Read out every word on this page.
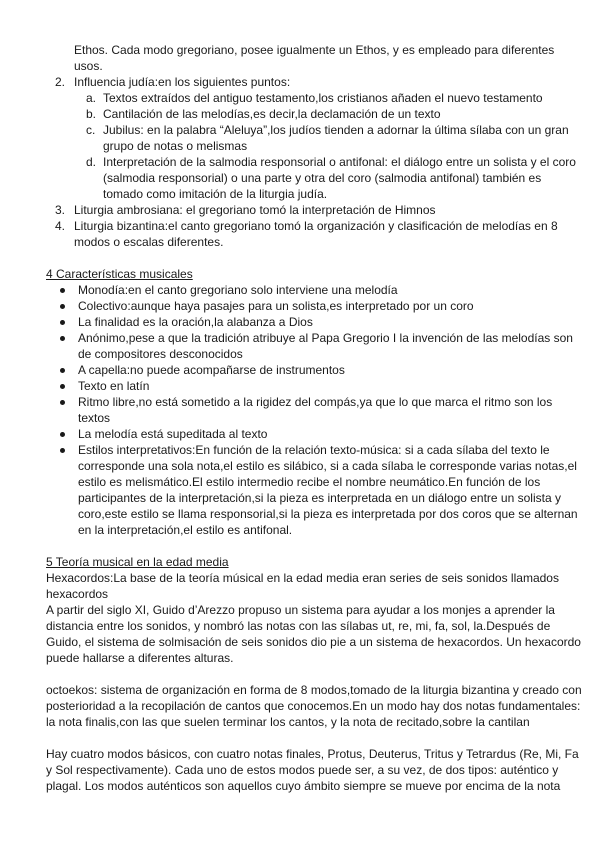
Ethos. Cada modo gregoriano, posee igualmente un Ethos, y es empleado para diferentes
usos.
2. Influencia judía:en los siguientes puntos:
a. Textos extraídos del antiguo testamento,los cristianos añaden el nuevo testamento
b. Cantilación de las melodías,es decir,la declamación de un texto
c. Jubilus: en la palabra “Aleluya”,los judíos tienden a adornar la última sílaba con un gran
grupo de notas o melismas
d. Interpretación de la salmodia responsorial o antifonal: el diálogo entre un solista y el coro
(salmodia responsorial) o una parte y otra del coro (salmodia antifonal) también es
tomado como imitación de la liturgia judía.
3. Liturgia ambrosiana: el gregoriano tomó la interpretación de Himnos
4. Liturgia bizantina:el canto gregoriano tomó la organización y clasificación de melodías en 8
modos o escalas diferentes.
4 Características musicales
Monodía:en el canto gregoriano solo interviene una melodía
Colectivo:aunque haya pasajes para un solista,es interpretado por un coro
La finalidad es la oración,la alabanza a Dios
Anónimo,pese a que la tradición atribuye al Papa Gregorio I la invención de las melodías son
de compositores desconocidos
A capella:no puede acompañarse de instrumentos
Texto en latín
Ritmo libre,no está sometido a la rigidez del compás,ya que lo que marca el ritmo son los
textos
La melodía está supeditada al texto
Estilos interpretativos:En función de la relación texto-música: si a cada sílaba del texto le
corresponde una sola nota,el estilo es silábico, si a cada sílaba le corresponde varias notas,el
estilo es melismático.El estilo intermedio recibe el nombre neumático.En función de los
participantes de la interpretación,si la pieza es interpretada en un diálogo entre un solista y
coro,este estilo se llama responsorial,si la pieza es interpretada por dos coros que se alternan
en la interpretación,el estilo es antifonal.
5 Teoría musical en la edad media
Hexacordos:La base de la teoría músical en la edad media eran series de seis sonidos llamados
hexacordos
A partir del siglo XI, Guido d’Arezzo propuso un sistema para ayudar a los monjes a aprender la
distancia entre los sonidos, y nombró las notas con las sílabas ut, re, mi, fa, sol, la.Después de
Guido, el sistema de solmisación de seis sonidos dio pie a un sistema de hexacordos. Un hexacordo
puede hallarse a diferentes alturas.
octoekos: sistema de organización en forma de 8 modos,tomado de la liturgia bizantina y creado con
posterioridad a la recopilación de cantos que conocemos.En un modo hay dos notas fundamentales:
la nota finalis,con las que suelen terminar los cantos, y la nota de recitado,sobre la cantilan
Hay cuatro modos básicos, con cuatro notas finales, Protus, Deuterus, Tritus y Tetrardus (Re, Mi, Fa
y Sol respectivamente). Cada uno de estos modos puede ser, a su vez, de dos tipos: auténtico y
plagal. Los modos auténticos son aquellos cuyo ámbito siempre se mueve por encima de la nota
